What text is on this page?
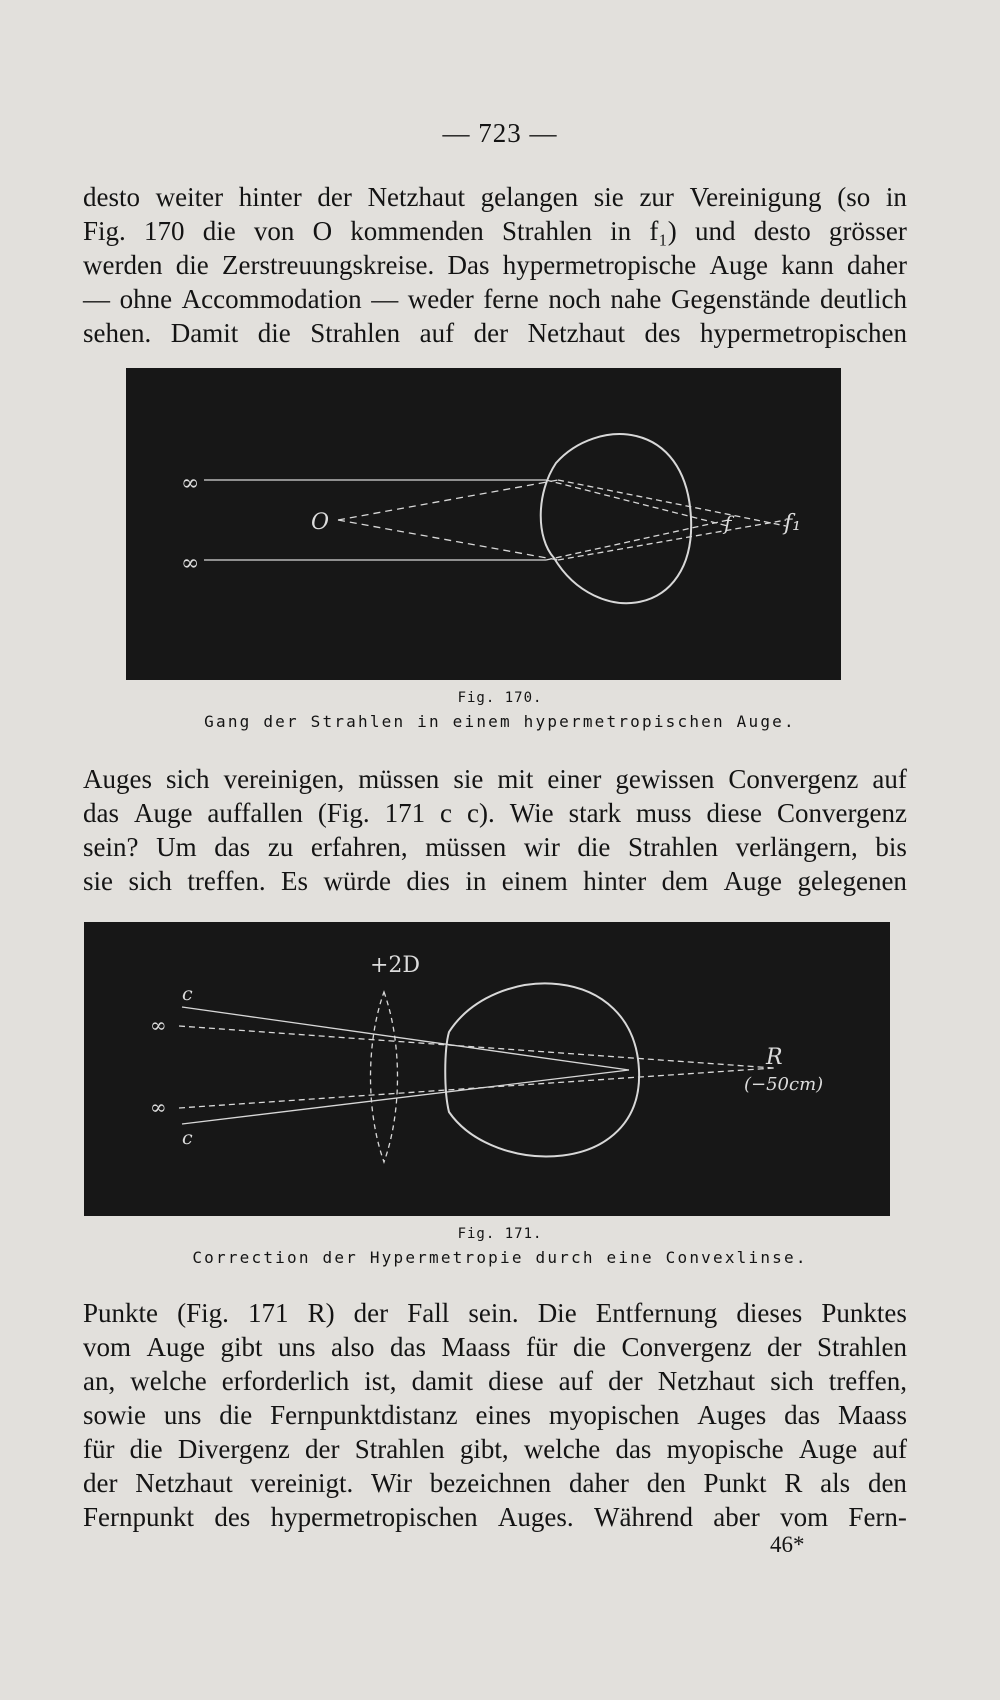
— 723 —
desto weiter hinter der Netzhaut gelangen sie zur Vereinigung (so in
Fig. 170 die von O kommenden Strahlen in f₁) und desto grösser
werden die Zerstreuungskreise. Das hypermetropische Auge kann daher
— ohne Accommodation — weder ferne noch nahe Gegenstände deutlich
sehen. Damit die Strahlen auf der Netzhaut des hypermetropischen
∞
∞
O	f f₁
Fig. 170.
Gang der Strahlen in einem hypermetropischen Auge.
Auges sich vereinigen, müssen sie mit einer gewissen Convergenz auf
das Auge auffallen (Fig. 171 c c). Wie stark muss diese Convergenz
sein? Um das zu erfahren, müssen wir die Strahlen verlängern, bis
sie sich treffen. Es würde dies in einem hinter dem Auge gelegenen
+2D
c
∞
∞
c
R
(−50cm)
Fig. 171.
Correction der Hypermetropie durch eine Convexlinse.
Punkte (Fig. 171 R) der Fall sein. Die Entfernung dieses Punktes
vom Auge gibt uns also das Maass für die Convergenz der Strahlen
an, welche erforderlich ist, damit diese auf der Netzhaut sich treffen,
sowie uns die Fernpunktdistanz eines myopischen Auges das Maass
für die Divergenz der Strahlen gibt, welche das myopische Auge auf
der Netzhaut vereinigt. Wir bezeichnen daher den Punkt R als den
Fernpunkt des hypermetropischen Auges. Während aber vom Fern-
46*
